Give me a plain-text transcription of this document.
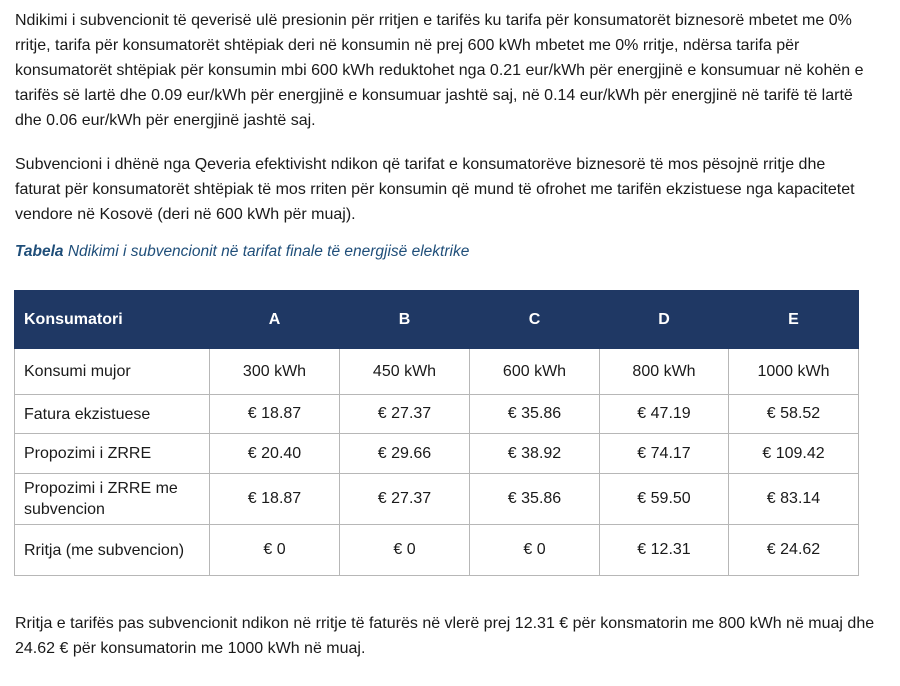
Ndikimi i subvencionit të qeverisë ulë presionin për rritjen e tarifës ku tarifa për konsumatorët biznesorë mbetet me 0% rritje, tarifa për konsumatorët shtëpiak deri në konsumin në prej 600 kWh mbetet me 0% rritje, ndërsa tarifa për konsumatorët shtëpiak për konsumin mbi 600 kWh reduktohet nga 0.21 eur/kWh për energjinë e konsumuar në kohën e tarifës së lartë dhe 0.09 eur/kWh për energjinë e konsumuar jashtë saj, në 0.14 eur/kWh për energjinë në tarifë të lartë dhe 0.06 eur/kWh për energjinë jashtë saj.

Subvencioni i dhënë nga Qeveria efektivisht ndikon që tarifat e konsumatorëve biznesorë të mos pësojnë rritje dhe faturat për konsumatorët shtëpiak të mos rriten për konsumin që mund të ofrohet me tarifën ekzistuese nga kapacitetet vendore në Kosovë (deri në 600 kWh për muaj).

Tabela Ndikimi i subvencionit në tarifat finale të energjisë elektrike

Konsumatori	A	B	C	D	E
Konsumi mujor	300 kWh	450 kWh	600 kWh	800 kWh	1000 kWh
Fatura ekzistuese	€ 18.87	€ 27.37	€ 35.86	€ 47.19	€ 58.52
Propozimi i ZRRE	€ 20.40	€ 29.66	€ 38.92	€ 74.17	€ 109.42
Propozimi i ZRRE me subvencion	€ 18.87	€ 27.37	€ 35.86	€ 59.50	€ 83.14
Rritja (me subvencion)	€ 0	€ 0	€ 0	€ 12.31	€ 24.62

Rritja e tarifës pas subvencionit ndikon në rritje të faturës në vlerë prej 12.31 € për konsmatorin me 800 kWh në muaj dhe 24.62 € për konsumatorin me 1000 kWh në muaj.
